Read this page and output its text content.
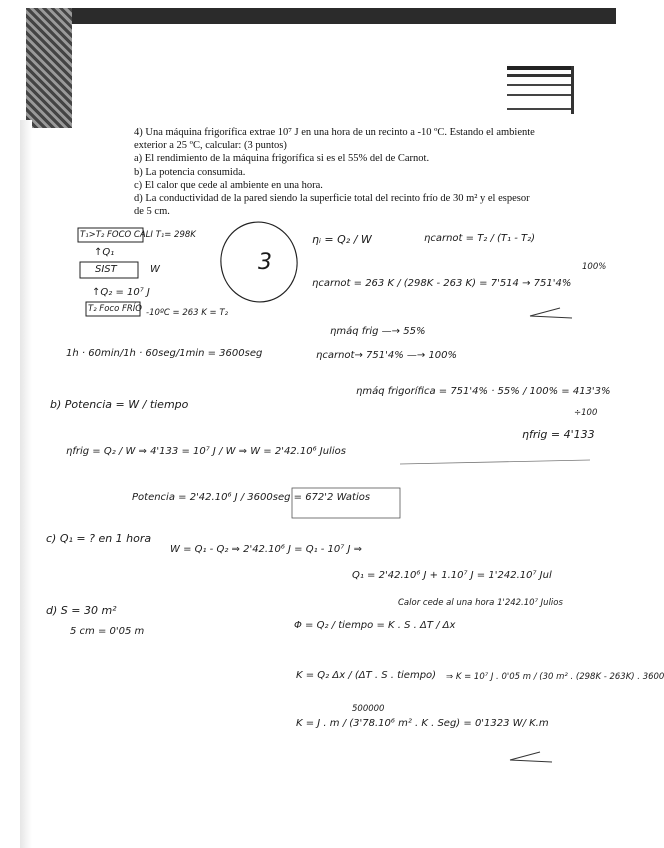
4) Una máquina frigorífica extrae 10⁷ J en una hora de un recinto a -10 ºC. Estando el ambiente
exterior a 25 ºC, calcular: (3 puntos)
a) El rendimiento de la máquina frigorífica si es el 55% del de Carnot.
b) La potencia consumida.
c) El calor que cede al ambiente en una hora.
d) La conductividad de la pared siendo la superficie total del recinto frío de 30 m² y el espesor
de 5 cm.
3
T₁>T₂ FOCO CALI T₁= 298K
↑Q₁
SIST	W
↑Q₂ = 10⁷ J
T₂ Foco FRÍO -10ºC = 263 K = T₂
ηᵢ = Q₂ / W	ηcarnot = T₂ / (T₁ - T₂)
100%
ηcarnot = 263 K / (298K - 263 K) = 7'514 → 751'4%
ηmáq frig —→ 55%
ηcarnot→ 751'4% —→ 100%
ηmáq frigorífica = 751'4% · 55% / 100% = 413'3%
÷100
ηfrig = 4'133
1h · 60min/1h · 60seg/1min = 3600seg
b) Potencia = W / tiempo
ηfrig = Q₂ / W ⇒ 4'133 = 10⁷ J / W ⇒ W = 2'42.10⁶ Julios
Potencia = 2'42.10⁶ J / 3600seg = 672'2 Watios
c) Q₁ = ? en 1 hora
W = Q₁ - Q₂ ⇒ 2'42.10⁶ J = Q₁ - 10⁷ J ⇒
Q₁ = 2'42.10⁶ J + 1.10⁷ J = 1'242.10⁷ Jul
Calor cede al una hora 1'242.10⁷ Julios
d) S = 30 m²
5 cm = 0'05 m
Φ = Q₂ / tiempo = K . S . ΔT / Δx
K = Q₂ Δx / (ΔT . S . tiempo) ⇒ K = 10⁷ J . 0'05 m / (30 m² . (298K - 263K) . 3600
500000
K = J . m / (3'78.10⁶ m² . K . Seg) = 0'1323 W/ K.m
